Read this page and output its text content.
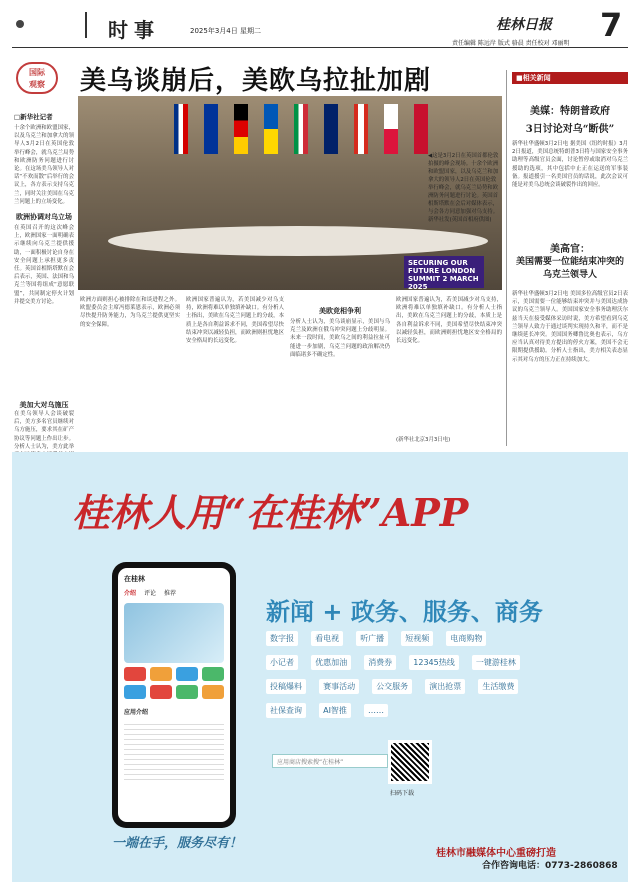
时事	2025年3月4日 星期二	桂林日报 7
责任编辑 陈远岸 版式 骆晨 责任校对 邓丽明
国际
观察	美乌谈崩后，美欧乌拉扯加剧
□新华社记者
十余个欧洲和欧盟国家，以及乌克兰和加拿大的领导人3月2日在英国伦敦举行峰会，就乌克兰局势和欧洲防务问题进行讨论。在这场美乌领导人对话“不欢而散”后举行的会议上，各方表示支持乌克兰，同时关注美国在乌克兰问题上的立场变化。
欧洲协调对乌立场
在英国召开的这次峰会上，欧洲国家一面明确表示继续向乌克兰提供援助，一面积极讨论自身在安全问题上承担更多责任。英国首相斯塔默在会后表示，英国、法国和乌克兰等国将组成“意愿联盟”，共同制定停火计划并提交美方讨论。
美加大对乌施压
在美乌领导人会谈破裂后，美方多名官员继续对乌方施压，要求其在矿产协议等问题上作出让步。分析人士认为，美方此举
SECURING OUR FUTURE LONDON SUMMIT 2 MARCH 2025
◀这是3月2日在英国首都伦敦拍摄的峰会现场。十余个欧洲和欧盟国家，以及乌克兰和加拿大的领导人2日在英国伦敦举行峰会，就乌克兰局势和欧洲防务问题进行讨论。英国首相斯塔默在会后对媒体表示，与会各方同意加强对乌支持。 新华社发(英国首相府供图)
欧洲方面则担心被排除在和谈进程之外。欧盟委员会主席冯德莱恩表示，欧洲必须尽快提升防务能力，为乌克兰提供更坚实的安全保障。
欧洲国家普遍认为，若美国减少对乌支持，欧洲将难以单独填补缺口。有分析人士指出，美欧在乌克兰问题上的分歧，本质上是各自利益诉求不同，美国希望尽快结束冲突以减轻负担，而欧洲则担忧地区安全格局的长远变化。
美欧竞相争利
分析人士认为，美乌谈崩显示，美国与乌克兰及欧洲在俄乌冲突问题上分歧明显。未来一段时间，美欧乌之间的利益拉扯可能进一步加剧，乌克兰问题的政治解决仍面临诸多不确定性。
欧洲国家普遍认为，若美国减少对乌支持，欧洲将难以单独填补缺口。有分析人士指出，美欧在乌克兰问题上的分歧，本质上是各自利益诉求不同，美国希望尽快结束冲突以减轻负担，而欧洲则担忧地区安全格局的长远变化。
(新华社北京3月3日电)
■相关新闻
美媒：特朗普政府
3日讨论对乌“断供”
新华社华盛顿3月2日电 据美国《纽约时报》3月2日报道，美国总统特朗普3日将与国家安全事务助理等高级官员会面，讨论暂停或取消对乌克兰援助的选项，其中包括中止正在运送的军事装备。报道援引一名美国官员的话说，此次会议可能是对美乌总统会谈破裂作出的回应。
美高官：
美国需要一位能结束冲突的乌克兰领导人
新华社华盛顿3月2日电 美国多位高级官员2日表示，美国需要一位能够结束冲突并与美国达成协议的乌克兰领导人。美国国家安全事务助理沃尔兹当天在接受媒体采访时说，美方希望看到乌克兰领导人致力于通过谈判实现持久和平，而不是继续延长冲突。美国国务卿鲁比奥也表示，乌方应当认真对待美方提出的停火方案，美国不会无限期提供援助。分析人士指出，美方相关表态显示其对乌方的压力正在持续加大。
桂林人用“在桂林”APP
在桂林
介绍 评论 推荐
应用介绍
新闻 + 政务、服务、商务
数字报	看电视	听广播	短视频	电商购物 小记者	优惠加油	消费券	12345热线	一键游桂林 投稿爆料	赛事活动	公交服务	演出抢票	生活缴费 社保查询	AI智推	……
应用商店搜索搜“在桂林”
扫码下载
一端在手，服务尽有！
桂林市融媒体中心重磅打造
合作咨询电话：0773-2860868
